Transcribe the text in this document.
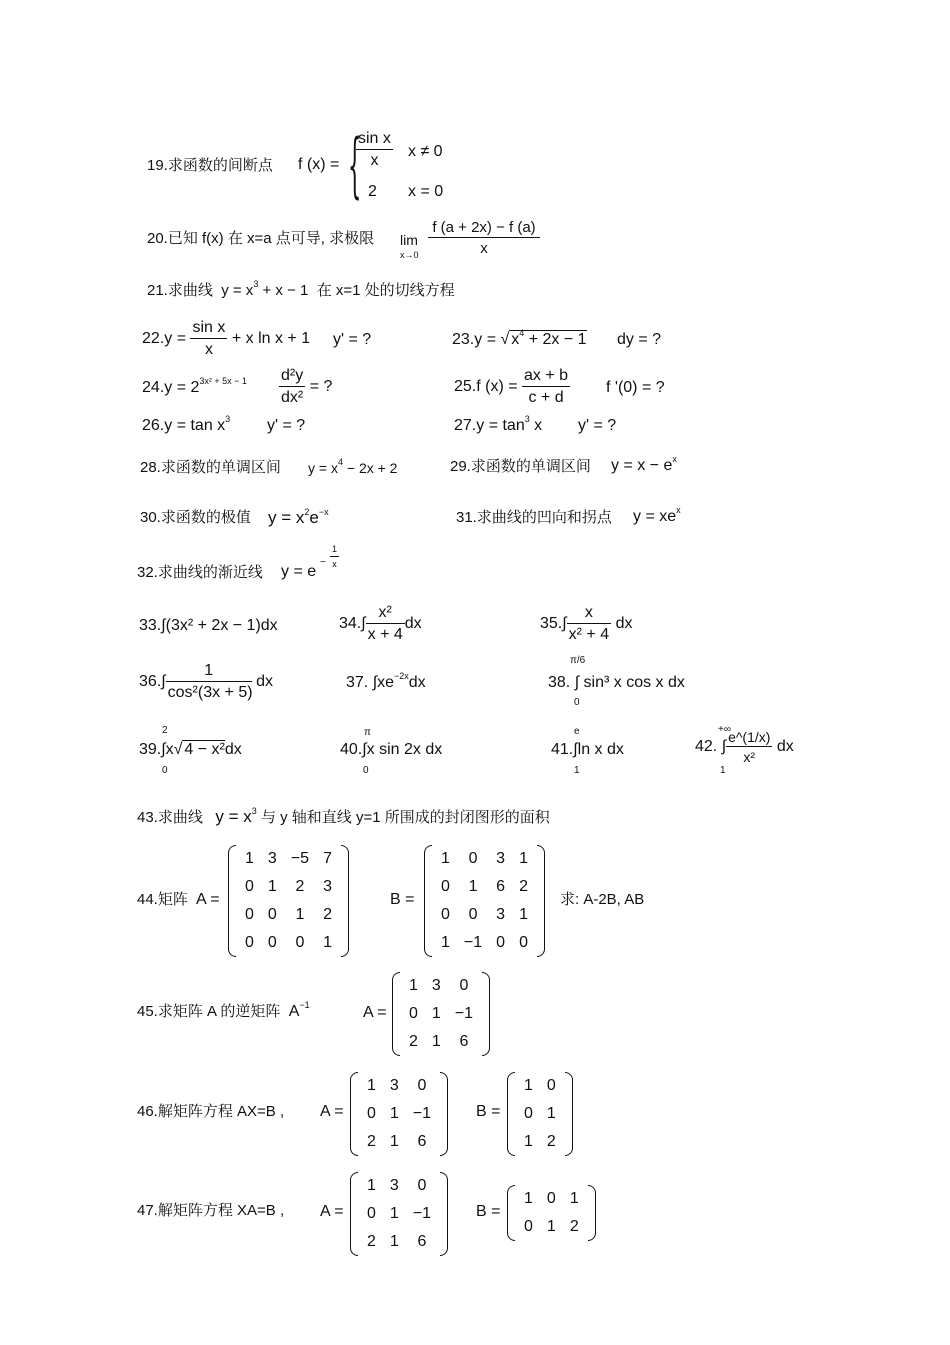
19.求函数的间断点 f (x) = {
$\frac{\text{sin x}}{x}$ x ≠ 0
2 x = 0
20.已知 f(x) 在 x=a 点可导, 求极限 lim
$x\to 0 \frac{f (a + 2x) - f (a)}{x}$
21.求曲线 $y = x^3 + x - 1$ 在 x=1 处的切线方程
$22.y = \frac{\text{sin x}}{x} + x$ ln x + 1 y' = ?	23.y = √ $x^4 + 2x - 1$ dy = ?
$24.y = 2^{3x^2 + 5x - 1} \frac{\text{d²y}}{\text{dx²}}$ = ?	25.f $(x) = \frac{ax + b}{c + d}$ f '(0) = ?
$26.y = \tan x^3$ y' = ?	$27.y = \tan^3 x$ y' = ?
28.求函数的单调区间 $y = x^4 - 2x + 2$	29.求函数的单调区间 $y = x - e^x$
30.求函数的极值 $y = x^2e^{-x}$	31.求曲线的凹向和拐点 $y = xe^x$
32.求曲线的渐近线 y = e
− $\frac{1}{x}$
33.∫(3x² + 2x − 1)dx	$34.\int \frac{\text{x²}}{x + 4}$ dx	$35.\int \frac{x}{\text{x² + 4}}$ dx
$36.\int \frac{1}{\text{cos²(3x + 5)}}$ dx	37. $\int xe^{-2x}dx$
π/6
0
38. ∫ sin³ x cos x dx
2
0
39.∫x√ 4 − x²dx
π
0
40.∫x sin 2x dx
e
1
41.∫ln x dx
+∞
1
42. ∫ $\frac{e\^{}(1/x)}{\text{x²}}$ dx
43.求曲线 $y = x^3$ 与 y 轴和直线 y=1 所围成的封闭图形的面积
44.矩阵 A =
1	3	−5	7
0	1	2	3
0	0	1	2
0	0	0	1
B =
1	0	3	1
0	1	6	2
0	0	3	1
1	−1	0	0
求: A-2B, AB
45.求矩阵 A 的逆矩阵 $A^{-1}$	A =
1	3	0
0	1	−1
2	1	6
46.解矩阵方程 AX=B , A =
1	3	0
0	1	−1
2	1	6
B =
1	0
0	1
1	2
47.解矩阵方程 XA=B , A =
1	3	0
0	1	−1
2	1	6
B =
1	0	1
0	1	2
